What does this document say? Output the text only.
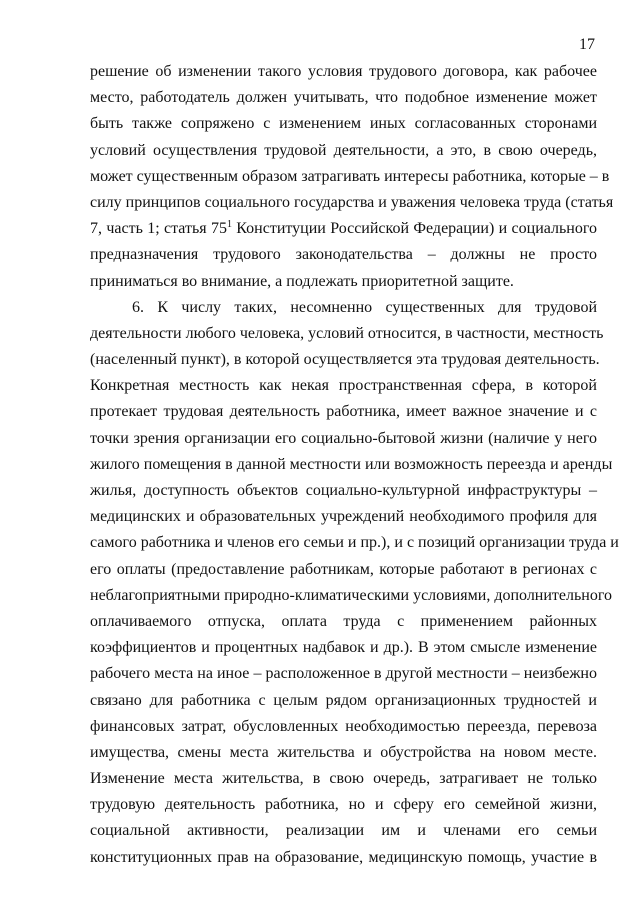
17
решение об изменении такого условия трудового договора, как рабочее
место, работодатель должен учитывать, что подобное изменение может
быть также сопряжено с изменением иных согласованных сторонами
условий осуществления трудовой деятельности, а это, в свою очередь,
может существенным образом затрагивать интересы работника, которые – в
силу принципов социального государства и уважения человека труда (статья
7, часть 1; статья $75^1$ Конституции Российской Федерации) и социального
предназначения трудового законодательства – должны не просто
приниматься во внимание, а подлежать приоритетной защите.
6. К числу таких, несомненно существенных для трудовой
деятельности любого человека, условий относится, в частности, местность
(населенный пункт), в которой осуществляется эта трудовая деятельность.
Конкретная местность как некая пространственная сфера, в которой
протекает трудовая деятельность работника, имеет важное значение и с
точки зрения организации его социально-бытовой жизни (наличие у него
жилого помещения в данной местности или возможность переезда и аренды
жилья, доступность объектов социально-культурной инфраструктуры –
медицинских и образовательных учреждений необходимого профиля для
самого работника и членов его семьи и пр.), и с позиций организации труда и
его оплаты (предоставление работникам, которые работают в регионах с
неблагоприятными природно-климатическими условиями, дополнительного
оплачиваемого отпуска, оплата труда с применением районных
коэффициентов и процентных надбавок и др.). В этом смысле изменение
рабочего места на иное – расположенное в другой местности – неизбежно
связано для работника с целым рядом организационных трудностей и
финансовых затрат, обусловленных необходимостью переезда, перевоза
имущества, смены места жительства и обустройства на новом месте.
Изменение места жительства, в свою очередь, затрагивает не только
трудовую деятельность работника, но и сферу его семейной жизни,
социальной активности, реализации им и членами его семьи
конституционных прав на образование, медицинскую помощь, участие в
